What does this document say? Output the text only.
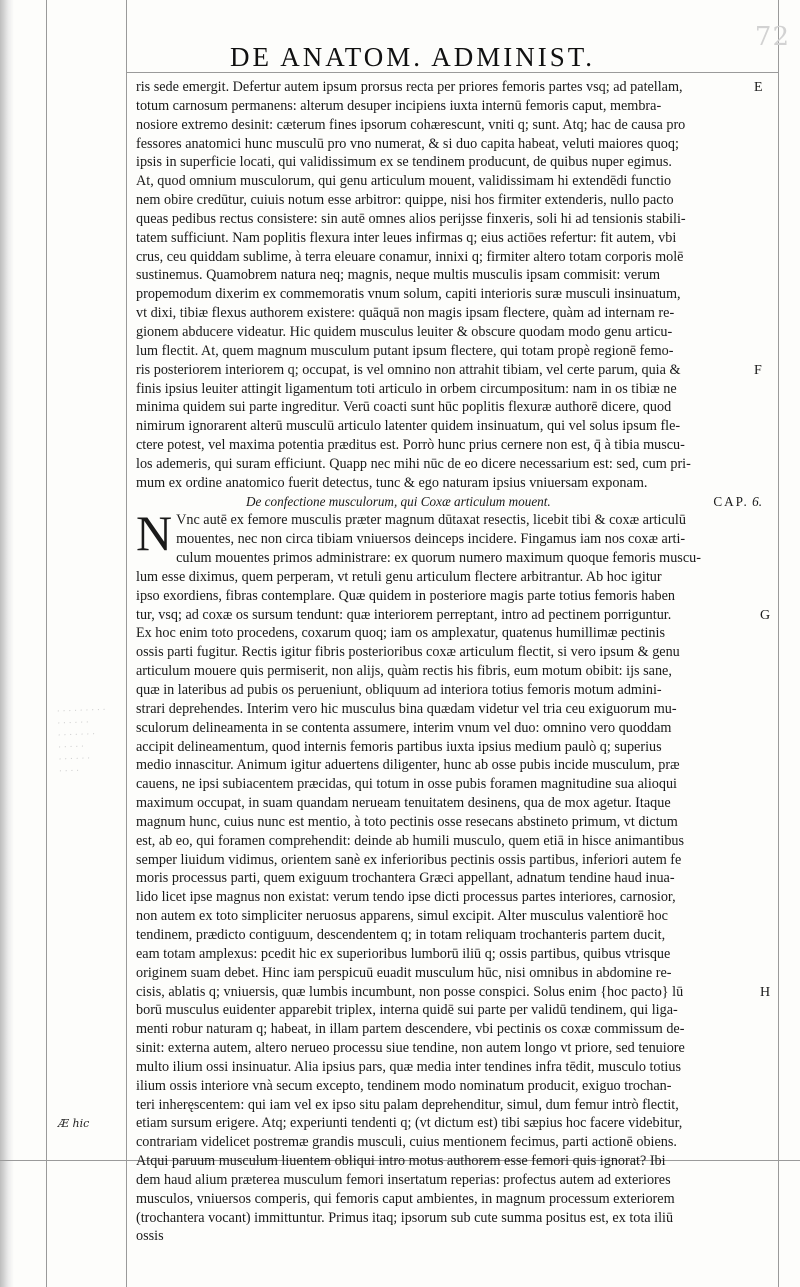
72
DE ANATOM. ADMINIST.
· · · · · · · · ·
· · · · · ·
· · · · · · ·
· · · · ·
· · · · · ·
· · · ·
Æ hic
ris sede emergit. Defertur autem ipsum prorsus recta per priores femoris partes vsq; ad patellam,
totum carnosum permanens: alterum desuper incipiens iuxta internū femoris caput, membra-
nosiore extremo desinit: cæterum fines ipsorum cohærescunt, vniti q; sunt. Atq; hac de causa pro
fessores anatomici hunc musculū pro vno numerat, & si duo capita habeat, veluti maiores quoq;
ipsis in superficie locati, qui validissimum ex se tendinem producunt, de quibus nuper egimus.
At, quod omnium musculorum, qui genu articulum mouent, validissimam hi extendēdi functio
nem obire credūtur, cuiuis notum esse arbitror: quippe, nisi hos firmiter extenderis, nullo pacto
queas pedibus rectus consistere: sin autē omnes alios perijsse finxeris, soli hi ad tensionis stabili-
tatem sufficiunt. Nam poplitis flexura inter leues infirmas q; eius actiōes refertur: fit autem, vbi
crus, ceu quiddam sublime, à terra eleuare conamur, innixi q; firmiter altero totam corporis molē
sustinemus. Quamobrem natura neq; magnis, neque multis musculis ipsam commisit: verum
propemodum dixerim ex commemoratis vnum solum, capiti interioris suræ musculi insinuatum,
vt dixi, tibiæ flexus authorem existere: quāquā non magis ipsam flectere, quàm ad internam re-
gionem abducere videatur. Hic quidem musculus leuiter & obscure quodam modo genu articu-
lum flectit. At, quem magnum musculum putant ipsum flectere, qui totam propè regionē femo-
ris posteriorem interiorem q; occupat, is vel omnino non attrahit tibiam, vel certe parum, quia &
finis ipsius leuiter attingit ligamentum toti articulo in orbem circumpositum: nam in os tibiæ ne
minima quidem sui parte ingreditur. Verū coacti sunt hūc poplitis flexuræ authorē dicere, quod
nimirum ignorarent alterū musculū articulo latenter quidem insinuatum, qui vel solus ipsum fle-
ctere potest, vel maxima potentia præditus est. Porrò hunc prius cernere non est, q̄ à tibia muscu-
los ademeris, qui suram efficiunt. Quapp nec mihi nūc de eo dicere necessarium est: sed, cum pri-
mum ex ordine anatomico fuerit detectus, tunc & ego naturam ipsius vniuersam exponam.
De confectione musculorum, qui Coxæ articulum mouent.	CAP. 6.
N Vnc autē ex femore musculis præter magnum dūtaxat resectis, licebit tibi & coxæ articulū
mouentes, nec non circa tibiam vniuersos deinceps incidere. Fingamus iam nos coxæ arti-
culum mouentes primos administrare: ex quorum numero maximum quoque femoris muscu-
lum esse diximus, quem perperam, vt retuli genu articulum flectere arbitrantur. Ab hoc igitur
ipso exordiens, fibras contemplare. Quæ quidem in posteriore magis parte totius femoris haben
tur, vsq; ad coxæ os sursum tendunt: quæ interiorem perreptant, intro ad pectinem porriguntur.
Ex hoc enim toto procedens, coxarum quoq; iam os amplexatur, quatenus humillimæ pectinis
ossis parti fugitur. Rectis igitur fibris posterioribus coxæ articulum flectit, si vero ipsum & genu
articulum mouere quis permiserit, non alijs, quàm rectis his fibris, eum motum obibit: ijs sane,
quæ in lateribus ad pubis os perueniunt, obliquum ad interiora totius femoris motum admini-
strari deprehendes. Interim vero hic musculus bina quædam videtur vel tria ceu exiguorum mu-
sculorum delineamenta in se contenta assumere, interim vnum vel duo: omnino vero quoddam
accipit delineamentum, quod internis femoris partibus iuxta ipsius medium paulò q; superius
medio innascitur. Animum igitur aduertens diligenter, hunc ab osse pubis incide musculum, præ
cauens, ne ipsi subiacentem prӕcidas, qui totum in osse pubis foramen magnitudine sua alioqui
maximum occupat, in suam quandam nerueam tenuitatem desinens, qua de mox agetur. Itaque
magnum hunc, cuius nunc est mentio, à toto pectinis osse resecans abstineto primum, vt dictum
est, ab eo, qui foramen comprehendit: deinde ab humili musculo, quem etiā in hisce animantibus
semper liuidum vidimus, orientem sanè ex inferioribus pectinis ossis partibus, inferiori autem fe
moris processus parti, quem exiguum trochantera Græci appellant, adnatum tendine haud inua-
lido licet ipse magnus non existat: verum tendo ipse dicti processus partes interiores, carnosior,
non autem ex toto simpliciter neruosus apparens, simul excipit. Alter musculus valentiorē hoc
tendinem, prædicto contiguum, descendentem q; in totam reliquam trochanteris partem ducit,
eam totam amplexus: pcedit hic ex superioribus lumborū iliū q; ossis partibus, quibus vtrisque
originem suam debet. Hinc iam perspicuū euadit musculum hūc, nisi omnibus in abdomine re-
cisis, ablatis q; vniuersis, quæ lumbis incumbunt, non posse conspici. Solus enim {hoc pacto} lū
borū musculus euidenter apparebit triplex, interna quidē sui parte per validū tendinem, qui liga-
menti robur naturam q; habeat, in illam partem descendere, vbi pectinis os coxæ commissum de-
sinit: externa autem, altero nerueo processu siue tendine, non autem longo vt priore, sed tenuiore
multo ilium ossi insinuatur. Alia ipsius pars, quæ media inter tendines infra tēdit, musculo totius
ilium ossis interiore vnà secum excepto, tendinem modo nominatum producit, exiguo trochan-
teri inheręscentem: qui iam vel ex ipso situ palam deprehenditur, simul, dum femur intrò flectit,
etiam sursum erigere. Atq; experiunti tendenti q; (vt dictum est) tibi sæpius hoc facere videbitur,
contrariam videlicet postremæ grandis musculi, cuius mentionem fecimus, parti actionē obiens.
Atqui paruum musculum liuentem obliqui intro motus authorem esse femori quis ignorat? Ibi
dem haud alium præterea musculum femori insertatum reperias: profectus autem ad exteriores
musculos, vniuersos comperis, qui femoris caput ambientes, in magnum processum exteriorem
(trochantera vocant) immittuntur. Primus itaq; ipsorum sub cute summa positus est, ex tota iliū
ossis
E
F
G
H
